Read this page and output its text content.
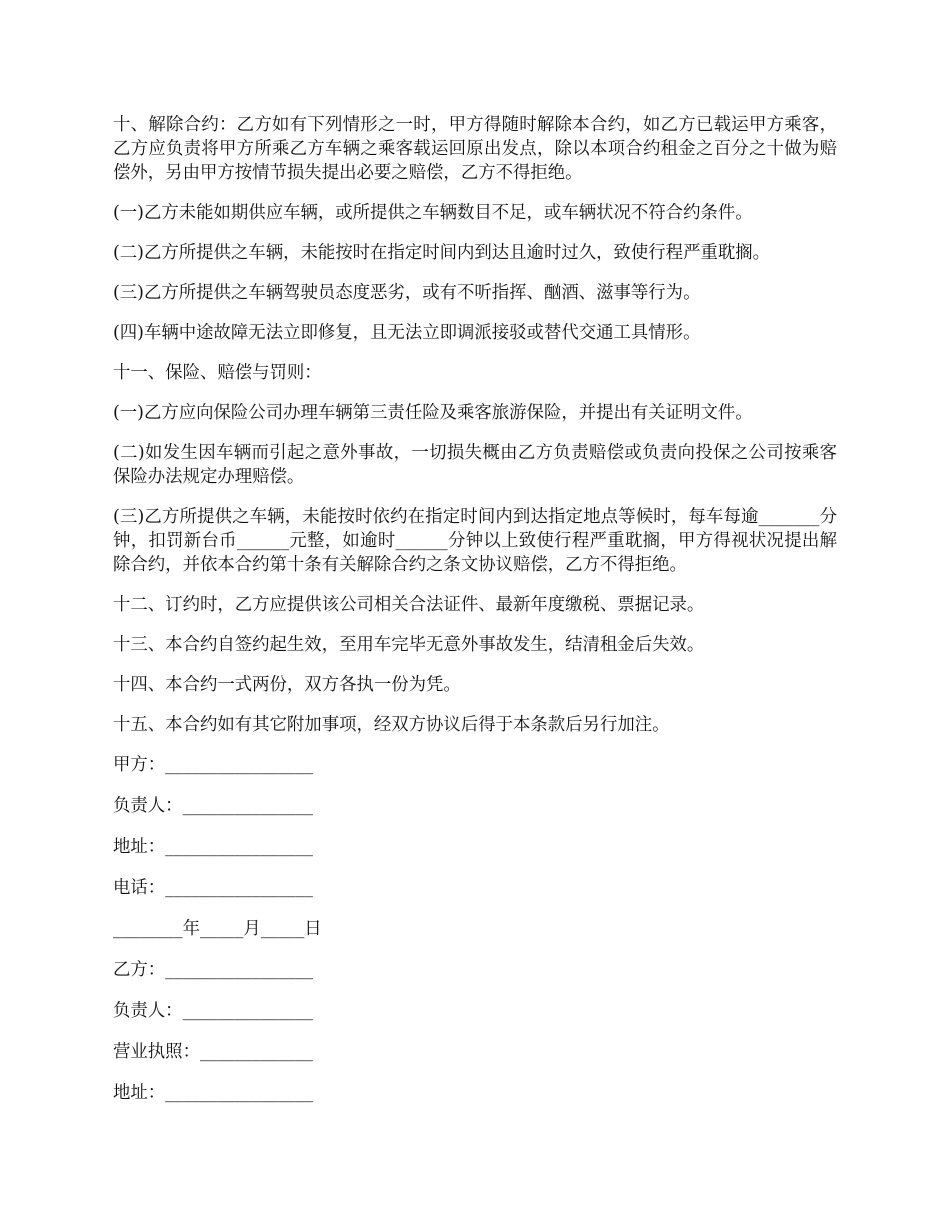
十、解除合约：乙方如有下列情形之一时，甲方得随时解除本合约，如乙方已载运甲方乘客，乙方应负责将甲方所乘乙方车辆之乘客载运回原出发点，除以本项合约租金之百分之十做为赔偿外，另由甲方按情节损失提出必要之赔偿，乙方不得拒绝。

(一)乙方未能如期供应车辆，或所提供之车辆数目不足，或车辆状况不符合约条件。

(二)乙方所提供之车辆，未能按时在指定时间内到达且逾时过久，致使行程严重耽搁。

(三)乙方所提供之车辆驾驶员态度恶劣，或有不听指挥、酗酒、滋事等行为。

(四)车辆中途故障无法立即修复，且无法立即调派接驳或替代交通工具情形。

十一、保险、赔偿与罚则：

(一)乙方应向保险公司办理车辆第三责任险及乘客旅游保险，并提出有关证明文件。

(二)如发生因车辆而引起之意外事故，一切损失概由乙方负责赔偿或负责向投保之公司按乘客保险办法规定办理赔偿。

(三)乙方所提供之车辆，未能按时依约在指定时间内到达指定地点等候时，每车每逾_______分钟，扣罚新台币______元整，如逾时______分钟以上致使行程严重耽搁，甲方得视状况提出解除合约，并依本合约第十条有关解除合约之条文协议赔偿，乙方不得拒绝。

十二、订约时，乙方应提供该公司相关合法证件、最新年度缴税、票据记录。

十三、本合约自签约起生效，至用车完毕无意外事故发生，结清租金后失效。

十四、本合约一式两份，双方各执一份为凭。

十五、本合约如有其它附加事项，经双方协议后得于本条款后另行加注。

甲方：_________________

负责人：_______________

地址：_________________

电话：_________________

________年_____月_____日

乙方：_________________

负责人：_______________

营业执照：_____________

地址：_________________
